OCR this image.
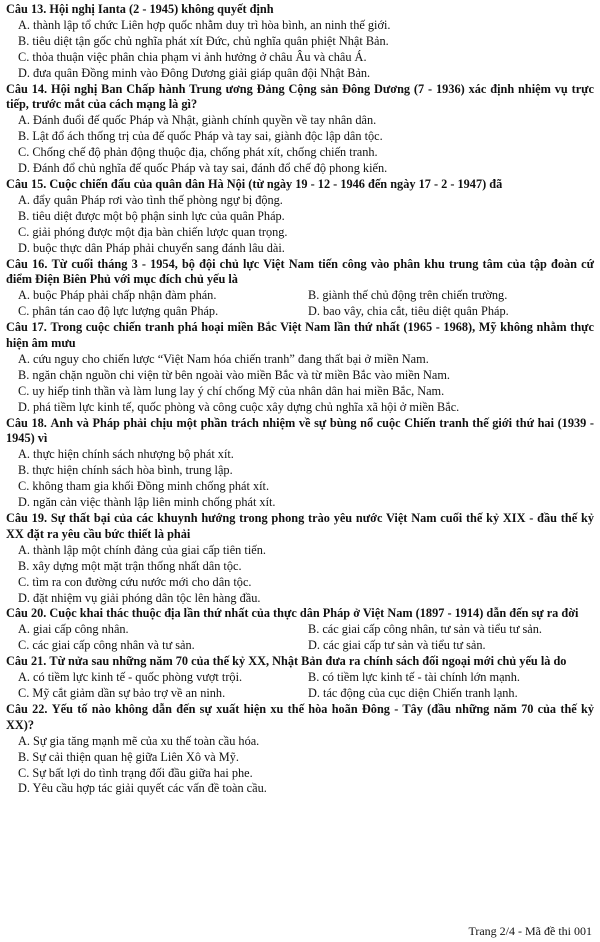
Câu 13. Hội nghị Ianta (2 - 1945) không quyết định

A. thành lập tổ chức Liên hợp quốc nhằm duy trì hòa bình, an ninh thế giới.

B. tiêu diệt tận gốc chủ nghĩa phát xít Đức, chủ nghĩa quân phiệt Nhật Bản.

C. thỏa thuận việc phân chia phạm vi ảnh hưởng ở châu Âu và châu Á.

D. đưa quân Đồng minh vào Đông Dương giải giáp quân đội Nhật Bản.

Câu 14. Hội nghị Ban Chấp hành Trung ương Đảng Cộng sản Đông Dương (7 - 1936) xác định nhiệm vụ trực tiếp, trước mắt của cách mạng là gì?

A. Đánh đuổi đế quốc Pháp và Nhật, giành chính quyền về tay nhân dân.

B. Lật đổ ách thống trị của đế quốc Pháp và tay sai, giành độc lập dân tộc.

C. Chống chế độ phản động thuộc địa, chống phát xít, chống chiến tranh.

D. Đánh đổ chủ nghĩa đế quốc Pháp và tay sai, đánh đổ chế độ phong kiến.

Câu 15. Cuộc chiến đấu của quân dân Hà Nội (từ ngày 19 - 12 - 1946 đến ngày 17 - 2 - 1947) đã

A. đẩy quân Pháp rơi vào tình thế phòng ngự bị động.

B. tiêu diệt được một bộ phận sinh lực của quân Pháp.

C. giải phóng được một địa bàn chiến lược quan trọng.

D. buộc thực dân Pháp phải chuyển sang đánh lâu dài.

Câu 16. Từ cuối tháng 3 - 1954, bộ đội chủ lực Việt Nam tiến công vào phân khu trung tâm của tập đoàn cứ điểm Điện Biên Phủ với mục đích chủ yếu là

A. buộc Pháp phải chấp nhận đàm phán.	B. giành thế chủ động trên chiến trường.
C. phân tán cao độ lực lượng quân Pháp.	D. bao vây, chia cắt, tiêu diệt quân Pháp.

Câu 17. Trong cuộc chiến tranh phá hoại miền Bắc Việt Nam lần thứ nhất (1965 - 1968), Mỹ không nhằm thực hiện âm mưu

A. cứu nguy cho chiến lược “Việt Nam hóa chiến tranh” đang thất bại ở miền Nam.

B. ngăn chặn nguồn chi viện từ bên ngoài vào miền Bắc và từ miền Bắc vào miền Nam.

C. uy hiếp tinh thần và làm lung lay ý chí chống Mỹ của nhân dân hai miền Bắc, Nam.

D. phá tiềm lực kinh tế, quốc phòng và công cuộc xây dựng chủ nghĩa xã hội ở miền Bắc.

Câu 18. Anh và Pháp phải chịu một phần trách nhiệm về sự bùng nổ cuộc Chiến tranh thế giới thứ hai (1939 - 1945) vì

A. thực hiện chính sách nhượng bộ phát xít.

B. thực hiện chính sách hòa bình, trung lập.

C. không tham gia khối Đồng minh chống phát xít.

D. ngăn cản việc thành lập liên minh chống phát xít.

Câu 19. Sự thất bại của các khuynh hướng trong phong trào yêu nước Việt Nam cuối thế kỷ XIX - đầu thế kỷ XX đặt ra yêu cầu bức thiết là phải

A. thành lập một chính đảng của giai cấp tiên tiến.

B. xây dựng một mặt trận thống nhất dân tộc.

C. tìm ra con đường cứu nước mới cho dân tộc.

D. đặt nhiệm vụ giải phóng dân tộc lên hàng đầu.

Câu 20. Cuộc khai thác thuộc địa lần thứ nhất của thực dân Pháp ở Việt Nam (1897 - 1914) dẫn đến sự ra đời

A. giai cấp công nhân.	B. các giai cấp công nhân, tư sản và tiểu tư sản.
C. các giai cấp công nhân và tư sản.	D. các giai cấp tư sản và tiểu tư sản.

Câu 21. Từ nửa sau những năm 70 của thế kỷ XX, Nhật Bản đưa ra chính sách đối ngoại mới chủ yếu là do

A. có tiềm lực kinh tế - quốc phòng vượt trội.	B. có tiềm lực kinh tế - tài chính lớn mạnh.
C. Mỹ cắt giảm dần sự bảo trợ về an ninh.	D. tác động của cục diện Chiến tranh lạnh.

Câu 22. Yếu tố nào không dẫn đến sự xuất hiện xu thế hòa hoãn Đông - Tây (đầu những năm 70 của thế kỷ XX)?

A. Sự gia tăng mạnh mẽ của xu thế toàn cầu hóa.

B. Sự cải thiện quan hệ giữa Liên Xô và Mỹ.

C. Sự bất lợi do tình trạng đối đầu giữa hai phe.

D. Yêu cầu hợp tác giải quyết các vấn đề toàn cầu.

Trang 2/4 - Mã đề thi 001
